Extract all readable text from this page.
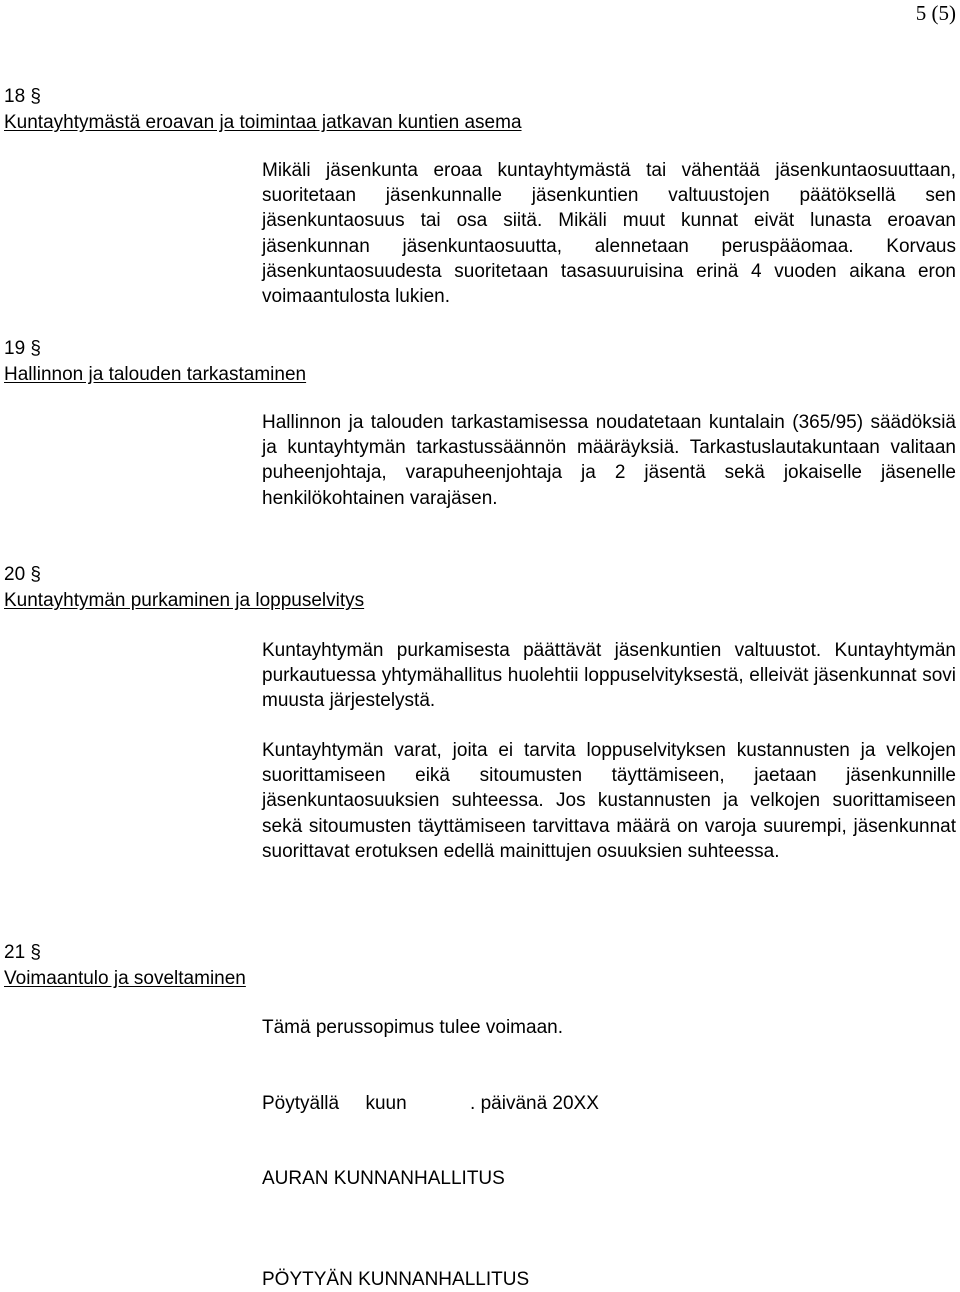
5 (5)
18 §
Kuntayhtymästä eroavan ja toimintaa jatkavan kuntien asema
Mikäli jäsenkunta eroaa kuntayhtymästä tai vähentää jäsenkuntaosuuttaan, suoritetaan jäsenkunnalle jäsenkuntien valtuustojen päätöksellä sen jäsenkuntaosuus tai osa siitä. Mikäli muut kunnat eivät lunasta eroavan jäsenkunnan jäsenkuntaosuutta, alennetaan peruspääomaa. Korvaus jäsenkuntaosuudesta suoritetaan tasasuuruisina erinä 4 vuoden aikana eron voimaantulosta lukien.
19 §
Hallinnon ja talouden tarkastaminen
Hallinnon ja talouden tarkastamisessa noudatetaan kuntalain (365/95) säädöksiä ja kuntayhtymän tarkastussäännön määräyksiä. Tarkastuslautakuntaan valitaan puheenjohtaja, varapuheenjohtaja ja 2 jäsentä sekä jokaiselle jäsenelle henkilökohtainen varajäsen.
20 §
Kuntayhtymän purkaminen ja loppuselvitys
Kuntayhtymän purkamisesta päättävät jäsenkuntien valtuustot. Kuntayhtymän purkautuessa yhtymähallitus huolehtii loppuselvityksestä, elleivät jäsenkunnat sovi muusta järjestelystä.
Kuntayhtymän varat, joita ei tarvita loppuselvityksen kustannusten ja velkojen suorittamiseen eikä sitoumusten täyttämiseen, jaetaan jäsenkunnille jäsenkuntaosuuksien suhteessa. Jos kustannusten ja velkojen suorittamiseen sekä sitoumusten täyttämiseen tarvittava määrä on varoja suurempi, jäsenkunnat suorittavat erotuksen edellä mainittujen osuuksien suhteessa.
21 §
Voimaantulo ja soveltaminen
Tämä perussopimus tulee voimaan.
Pöytyällä     kuun            . päivänä 20XX
AURAN KUNNANHALLITUS
PÖYTYÄN KUNNANHALLITUS
